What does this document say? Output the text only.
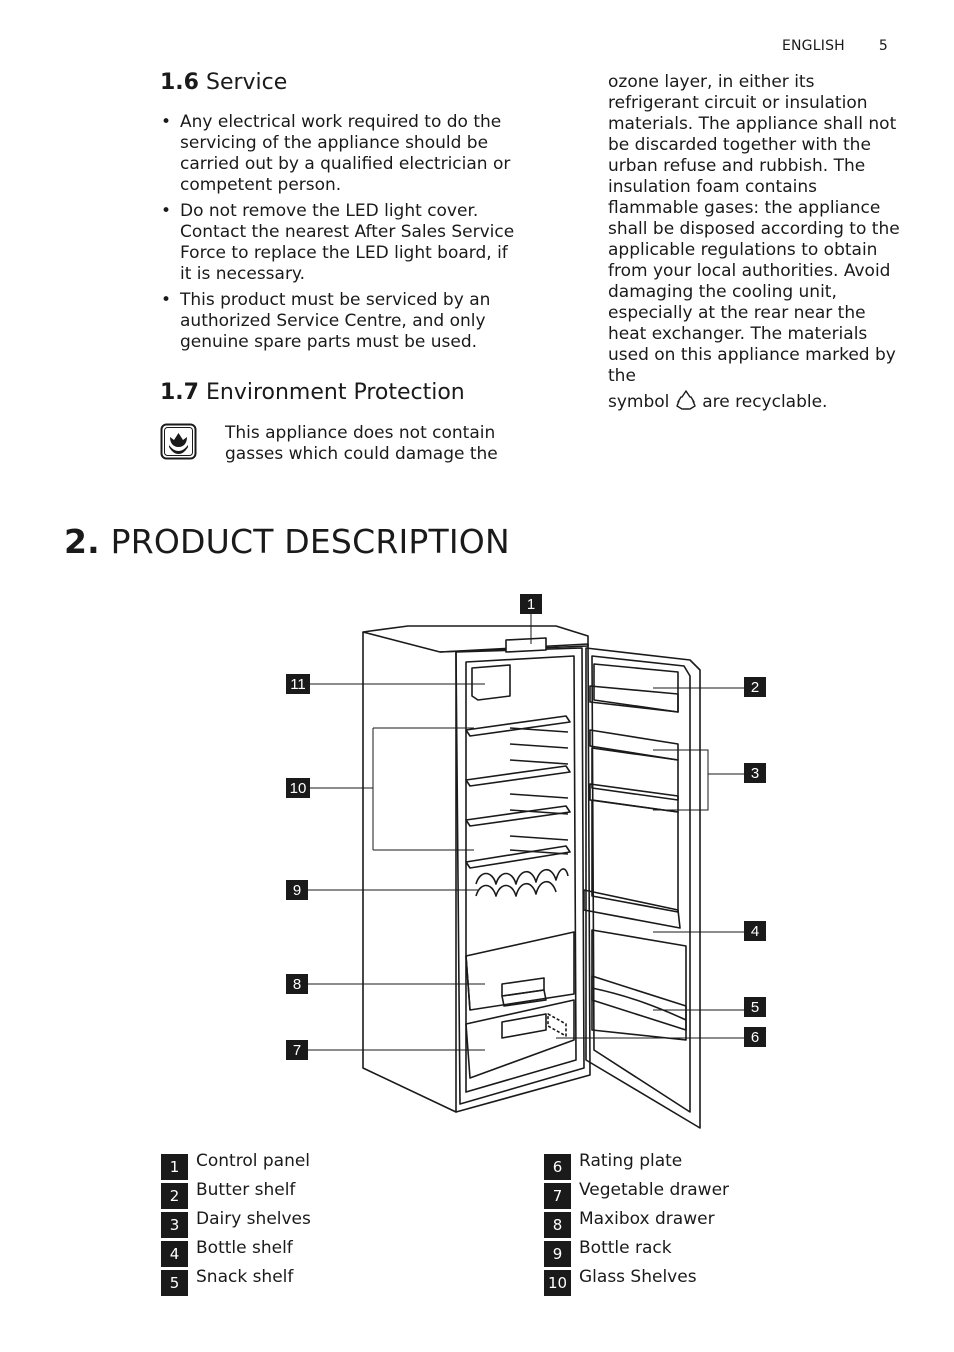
ENGLISH 5
1.6 Service
• Any electrical work required to do the servicing of the appliance should be carried out by a qualified electrician or competent person.
• Do not remove the LED light cover. Contact the nearest After Sales Service Force to replace the LED light board, if it is necessary.
• This product must be serviced by an authorized Service Centre, and only genuine spare parts must be used.
1.7 Environment Protection

This appliance does not contain gasses which could damage the

ozone layer, in either its refrigerant circuit or insulation materials. The appliance shall not be discarded together with the urban refuse and rubbish. The insulation foam contains flammable gases: the appliance shall be disposed according to the applicable regulations to obtain from your local authorities. Avoid damaging the cooling unit, especially at the rear near the heat exchanger. The materials used on this appliance marked by the

symbol are recyclable.

2. PRODUCT DESCRIPTION
1
2
3
4
5
6
7
8
9
10
11
1 Control panel
2 Butter shelf
3 Dairy shelves
4 Bottle shelf
5 Snack shelf
6 Rating plate
7 Vegetable drawer
8 Maxibox drawer
9 Bottle rack
10 Glass Shelves
